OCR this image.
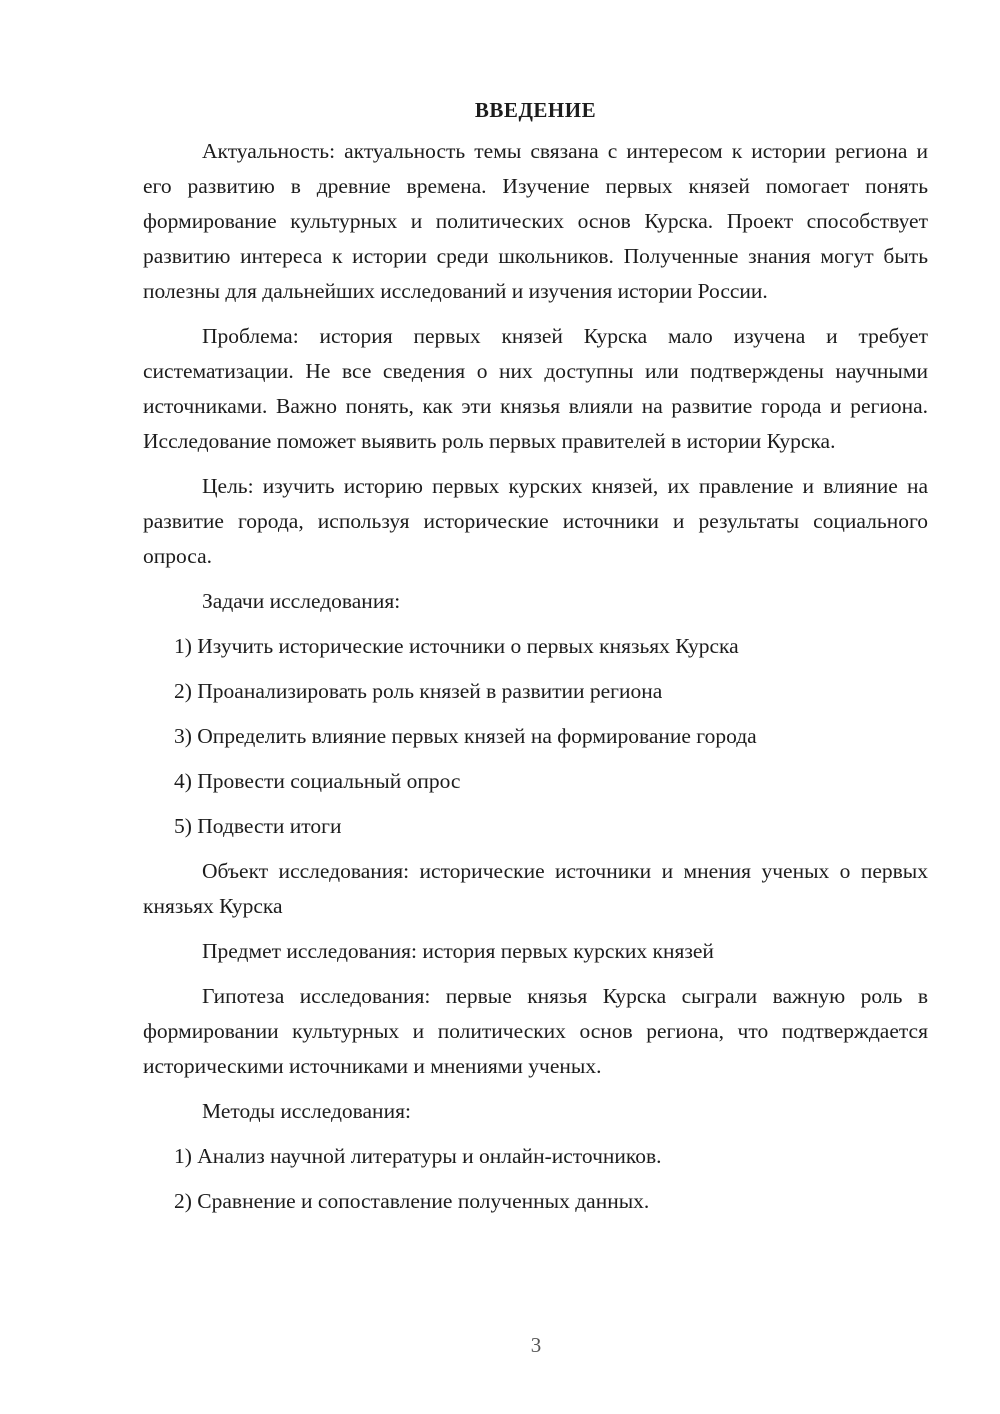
ВВЕДЕНИЕ

Актуальность: актуальность темы связана с интересом к истории региона и его развитию в древние времена. Изучение первых князей помогает понять формирование культурных и политических основ Курска. Проект способствует развитию интереса к истории среди школьников. Полученные знания могут быть полезны для дальнейших исследований и изучения истории России.

Проблема: история первых князей Курска мало изучена и требует систематизации. Не все сведения о них доступны или подтверждены научными источниками. Важно понять, как эти князья влияли на развитие города и региона. Исследование поможет выявить роль первых правителей в истории Курска.

Цель: изучить историю первых курских князей, их правление и влияние на развитие города, используя исторические источники и результаты социального опроса.

Задачи исследования:
1) Изучить исторические источники о первых князьях Курска
2) Проанализировать роль князей в развитии региона
3) Определить влияние первых князей на формирование города
4) Провести социальный опрос
5) Подвести итоги

Объект исследования: исторические источники и мнения ученых о первых князьях Курска

Предмет исследования: история первых курских князей

Гипотеза исследования: первые князья Курска сыграли важную роль в формировании культурных и политических основ региона, что подтверждается историческими источниками и мнениями ученых.

Методы исследования:
1) Анализ научной литературы и онлайн-источников.
2) Сравнение и сопоставление полученных данных.
3
